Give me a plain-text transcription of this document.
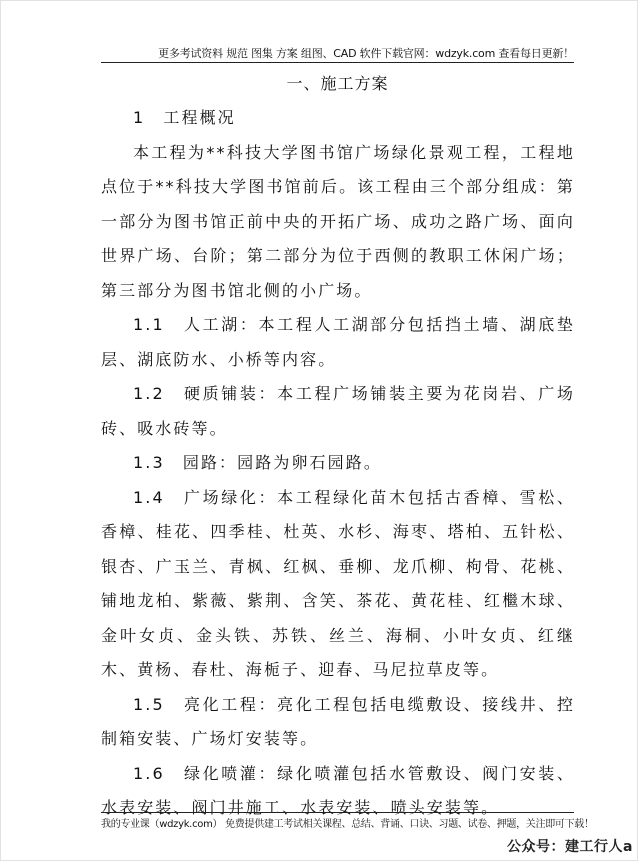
更多考试资料 规范 图集 方案 组图、CAD 软件下载官网：wdzyk.com 查看每日更新！
一、施工方案

1　工程概况

本工程为**科技大学图书馆广场绿化景观工程，工程地点位于**科技大学图书馆前后。该工程由三个部分组成：第一部分为图书馆正前中央的开拓广场、成功之路广场、面向世界广场、台阶；第二部分为位于西侧的教职工休闲广场；第三部分为图书馆北侧的小广场。

1.1　人工湖：本工程人工湖部分包括挡土墙、湖底垫层、湖底防水、小桥等内容。

1.2　硬质铺装：本工程广场铺装主要为花岗岩、广场砖、吸水砖等。

1.3　园路：园路为卵石园路。

1.4　广场绿化：本工程绿化苗木包括古香樟、雪松、香樟、桂花、四季桂、杜英、水杉、海枣、塔柏、五针松、银杏、广玉兰、青枫、红枫、垂柳、龙爪柳、枸骨、花桃、铺地龙柏、紫薇、紫荆、含笑、茶花、黄花桂、红檵木球、金叶女贞、金头铁、苏铁、丝兰、海桐、小叶女贞、红继木、黄杨、春杜、海栀子、迎春、马尼拉草皮等。

1.5　亮化工程：亮化工程包括电缆敷设、接线井、控制箱安装、广场灯安装等。

1.6　绿化喷灌：绿化喷灌包括水管敷设、阀门安装、水表安装、阀门井施工、水表安装、喷头安装等。

我的专业课（wdzyk.com） 免费提供建工考试相关课程、总结、背诵、口诀、习题、试卷、押题，关注即可下载！
公众号：建工行人a
